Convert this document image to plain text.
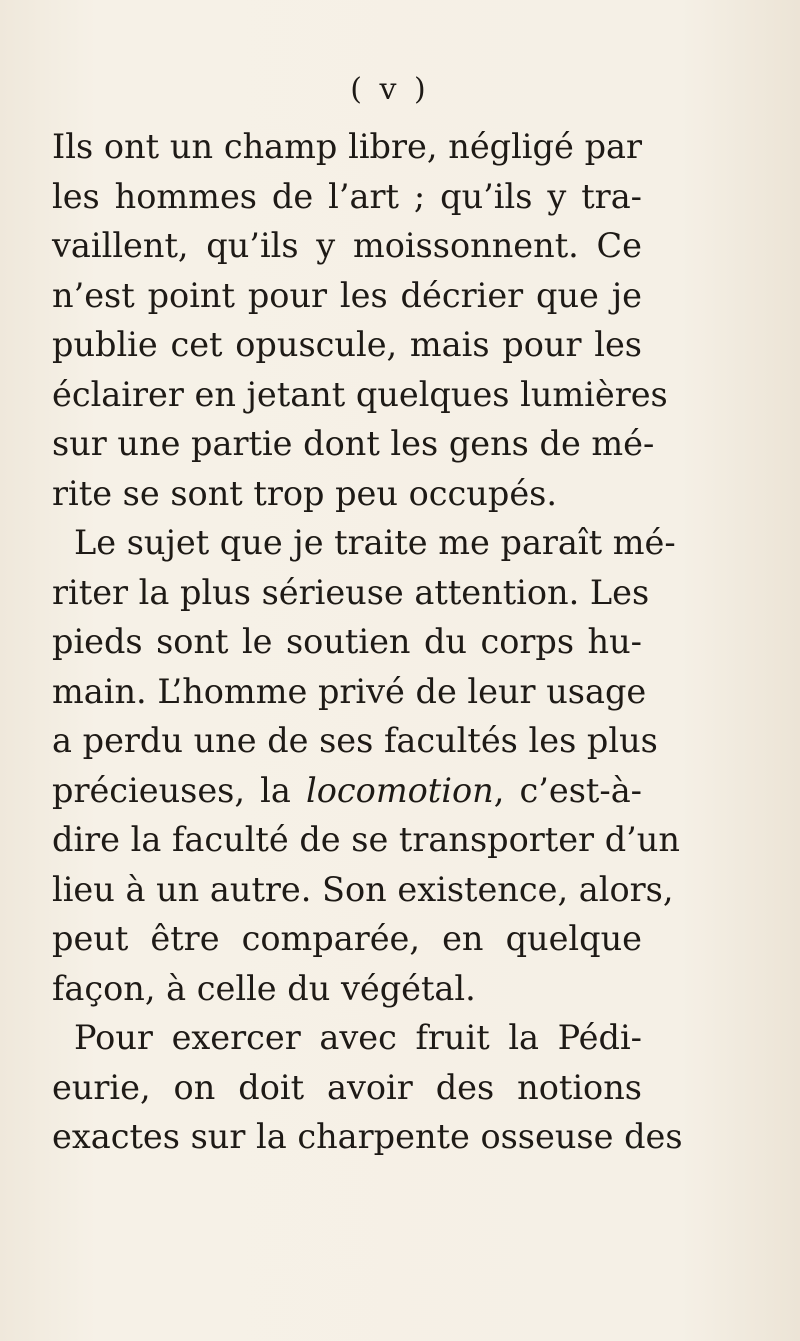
( v )
Ils ont un champ libre, négligé par
les hommes de l’art ; qu’ils y tra-
vaillent, qu’ils y moissonnent. Ce
n’est point pour les décrier que je
publie cet opuscule, mais pour les
éclairer en jetant quelques lumières
sur une partie dont les gens de mé-
rite se sont trop peu occupés.
Le sujet que je traite me paraît mé-
riter la plus sérieuse attention. Les
pieds sont le soutien du corps hu-
main. L’homme privé de leur usage
a perdu une de ses facultés les plus
précieuses, la locomotion, c’est-à-
dire la faculté de se transporter d’un
lieu à un autre. Son existence, alors,
peut être comparée, en quelque
façon, à celle du végétal.
Pour exercer avec fruit la Pédi-
eurie, on doit avoir des notions
exactes sur la charpente osseuse des
